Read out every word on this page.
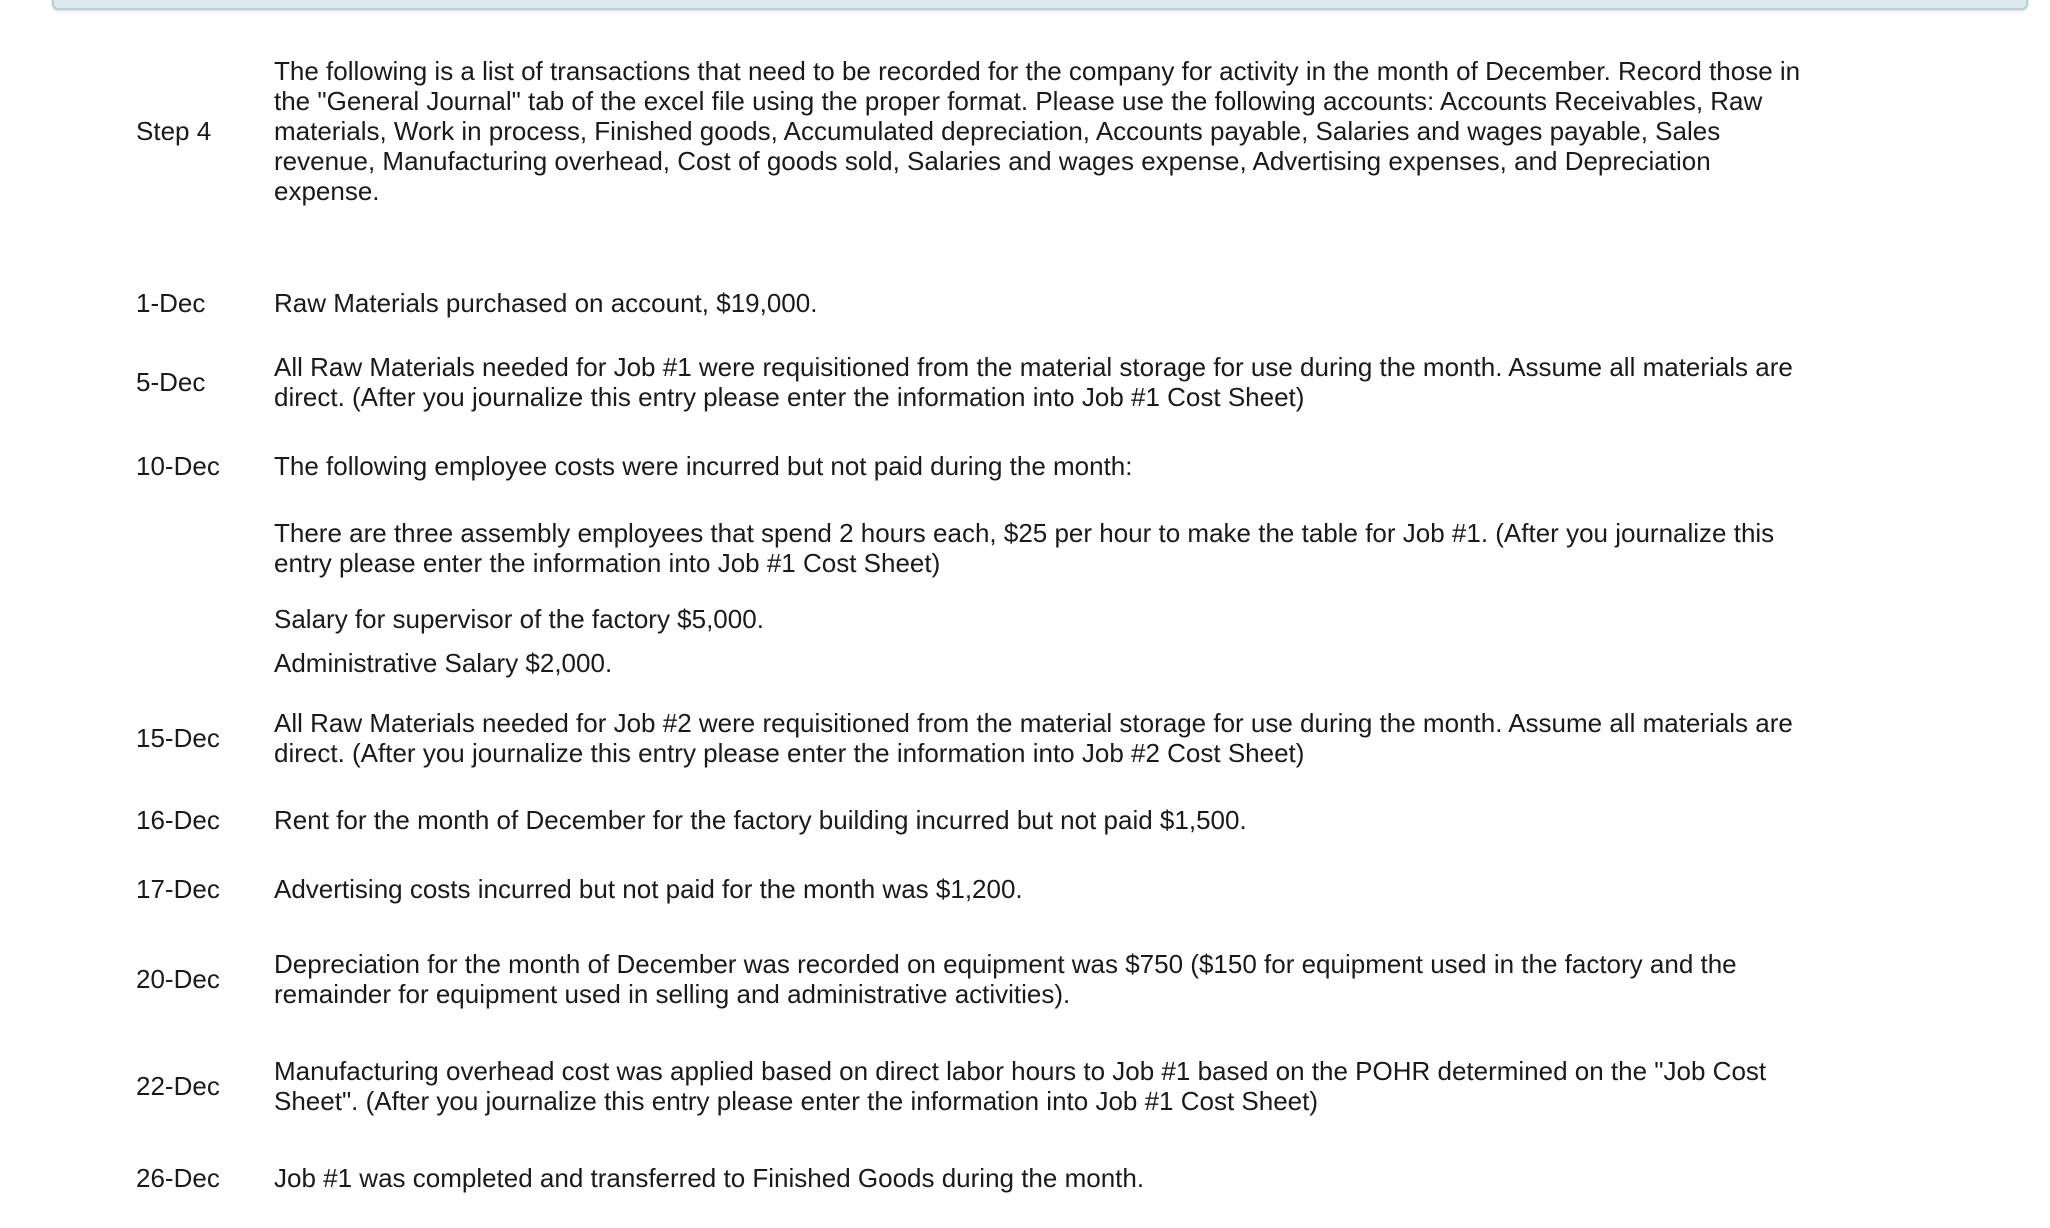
Step 4
The following is a list of transactions that need to be recorded for the company for activity in the month of December. Record those in the "General Journal" tab of the excel file using the proper format. Please use the following accounts: Accounts Receivables, Raw materials, Work in process, Finished goods, Accumulated depreciation, Accounts payable, Salaries and wages payable, Sales revenue, Manufacturing overhead, Cost of goods sold, Salaries and wages expense, Advertising expenses, and Depreciation expense.
1-Dec	Raw Materials purchased on account, $19,000.
5-Dec	All Raw Materials needed for Job #1 were requisitioned from the material storage for use during the month. Assume all materials are direct. (After you journalize this entry please enter the information into Job #1 Cost Sheet)
10-Dec The following employee costs were incurred but not paid during the month:
There are three assembly employees that spend 2 hours each, $25 per hour to make the table for Job #1. (After you journalize this entry please enter the information into Job #1 Cost Sheet)
Salary for supervisor of the factory $5,000.
Administrative Salary $2,000.
15-Dec All Raw Materials needed for Job #2 were requisitioned from the material storage for use during the month. Assume all materials are direct. (After you journalize this entry please enter the information into Job #2 Cost Sheet)
16-Dec Rent for the month of December for the factory building incurred but not paid $1,500.
17-Dec Advertising costs incurred but not paid for the month was $1,200.
20-Dec Depreciation for the month of December was recorded on equipment was $750 ($150 for equipment used in the factory and the remainder for equipment used in selling and administrative activities).
22-Dec Manufacturing overhead cost was applied based on direct labor hours to Job #1 based on the POHR determined on the "Job Cost Sheet". (After you journalize this entry please enter the information into Job #1 Cost Sheet)
26-Dec Job #1 was completed and transferred to Finished Goods during the month.
